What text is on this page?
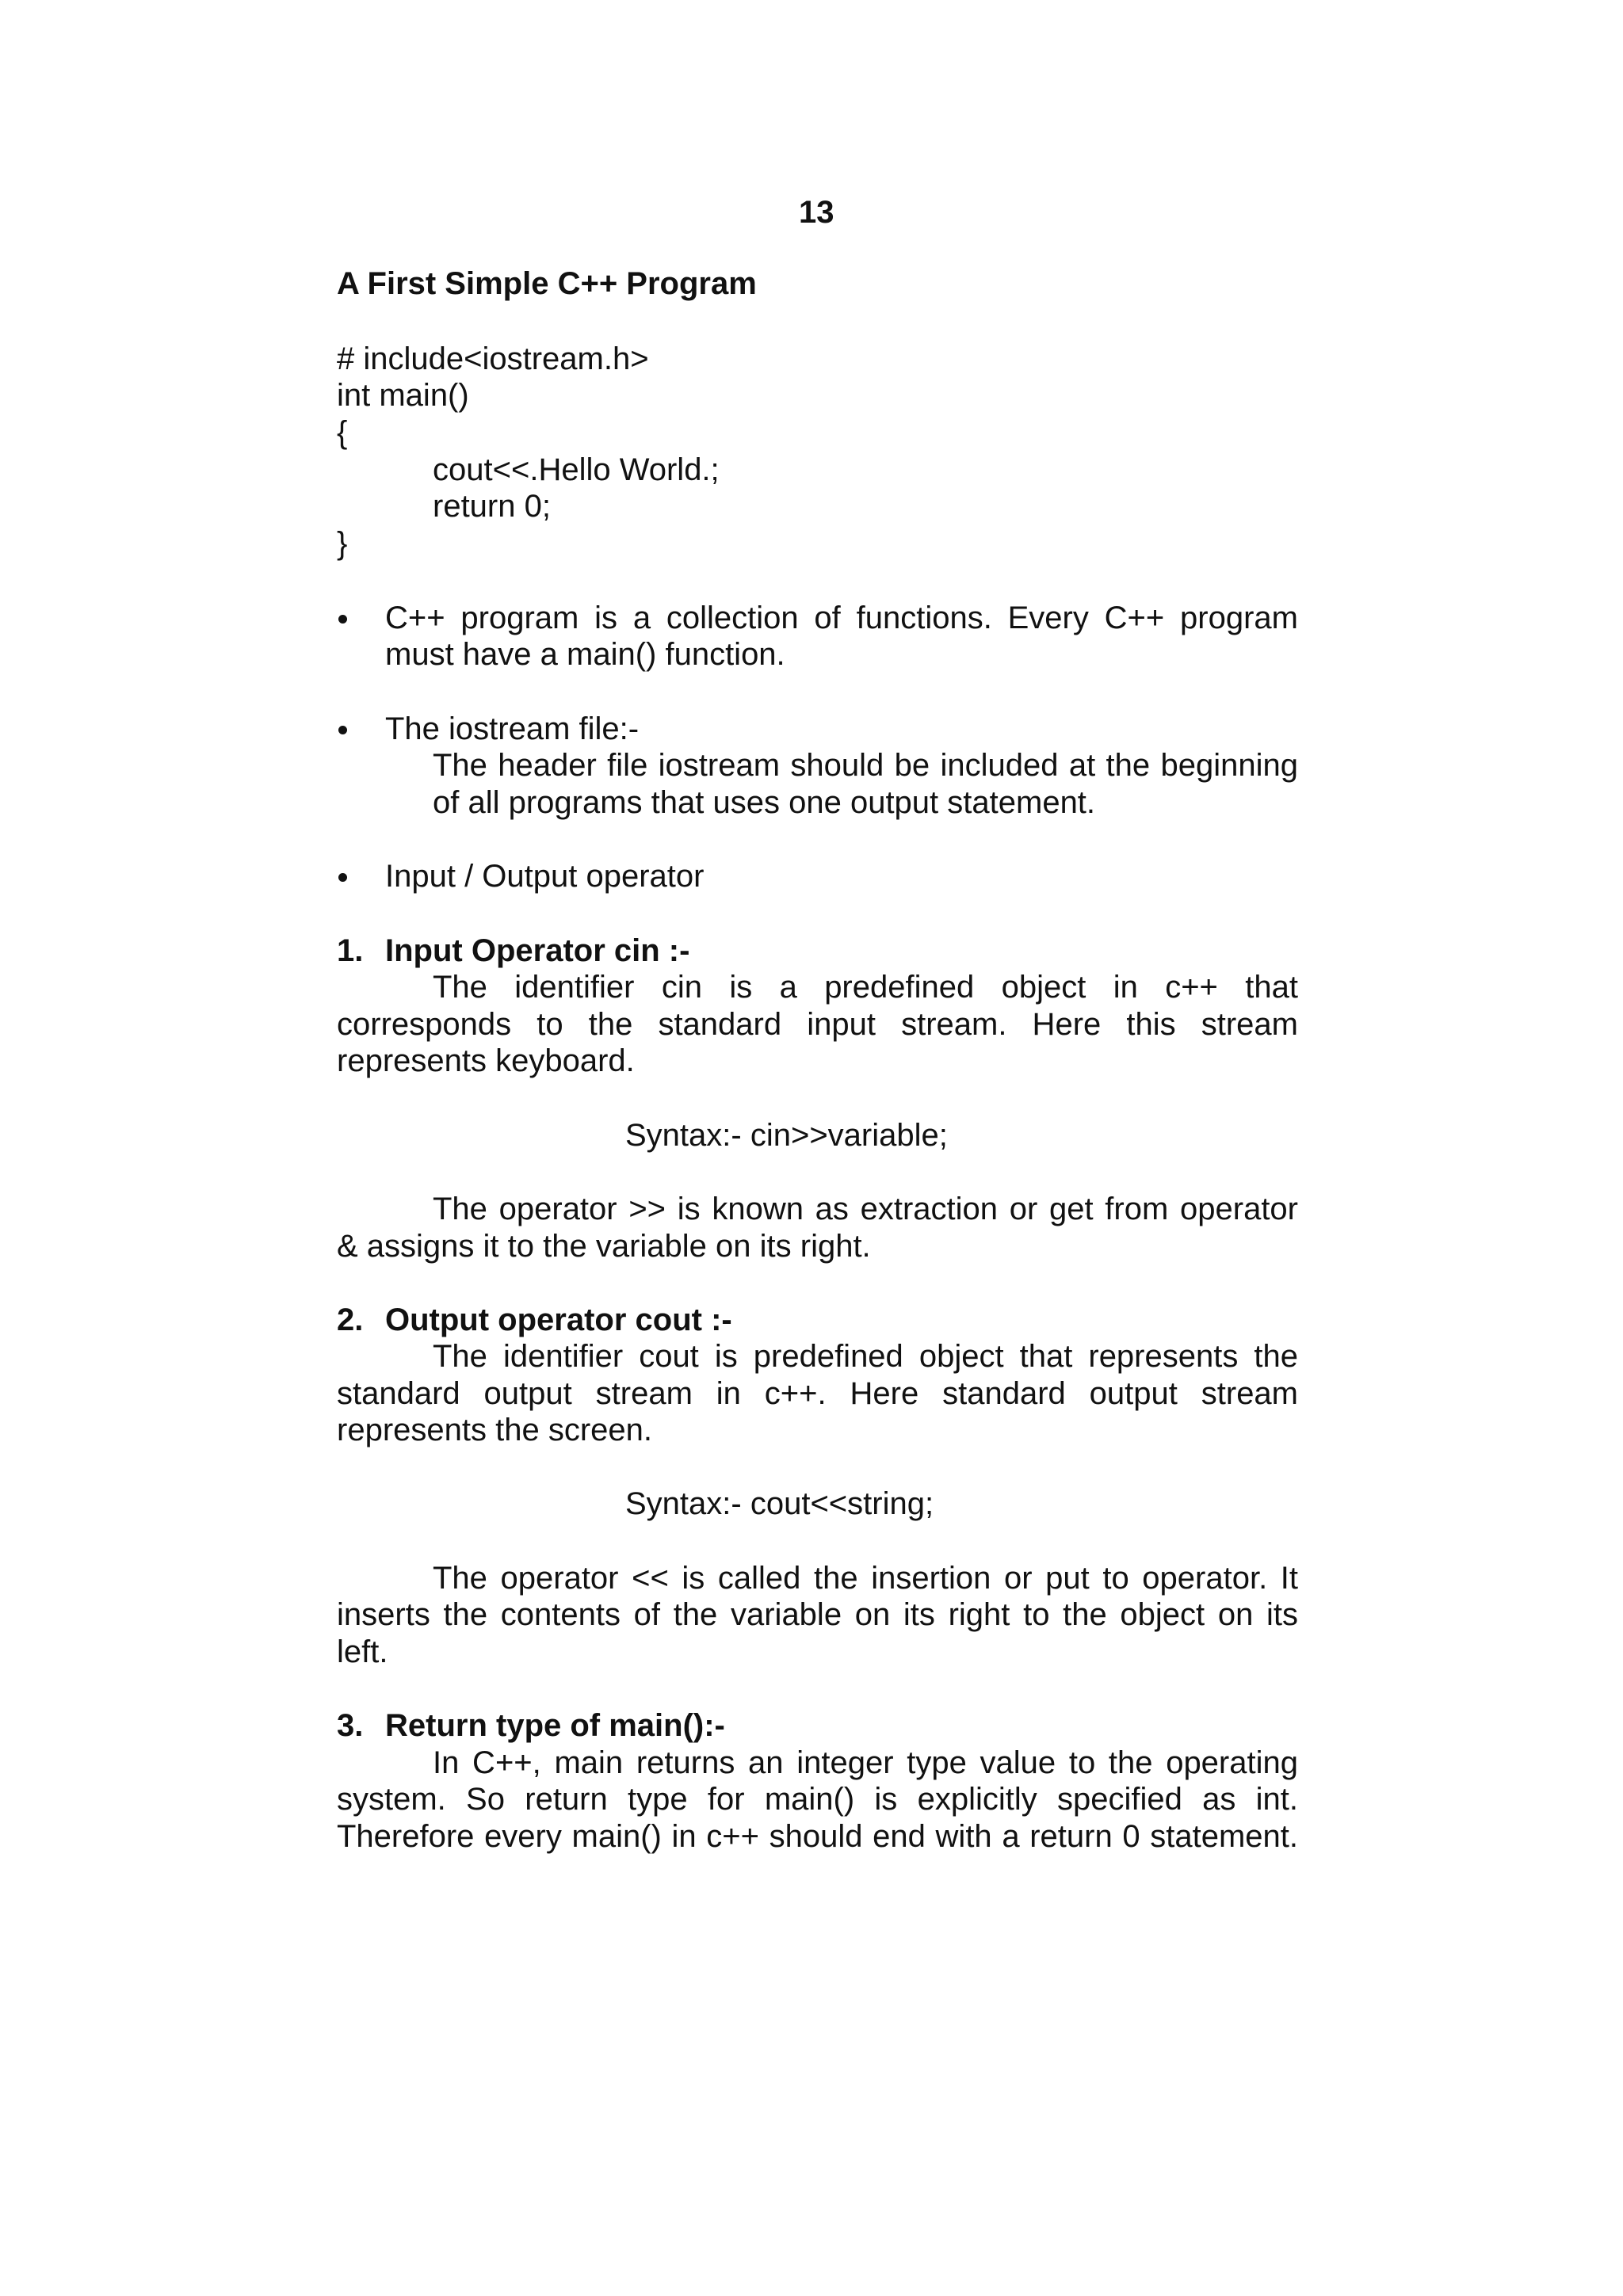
13
A First Simple C++ Program
# include<iostream.h>
int main()
{
cout<<.Hello World.;
return 0;
}
C++ program is a collection of functions. Every C++ program
must have a main() function.
The iostream file:-
The header file iostream should be included at the beginning
of all programs that uses one output statement.
Input / Output operator
1. Input Operator cin :-
The identifier cin is a predefined object in c++ that
corresponds to the standard input stream. Here this stream
represents keyboard.
Syntax:- cin>>variable;
The operator >> is known as extraction or get from operator
& assigns it to the variable on its right.
2. Output operator cout :-
The identifier cout is predefined object that represents the
standard output stream in c++. Here standard output stream
represents the screen.
Syntax:- cout<<string;
The operator << is called the insertion or put to operator. It
inserts the contents of the variable on its right to the object on its
left.
3. Return type of main():-
In C++, main returns an integer type value to the operating
system. So return type for main() is explicitly specified as int.
Therefore every main() in c++ should end with a return 0 statement.
